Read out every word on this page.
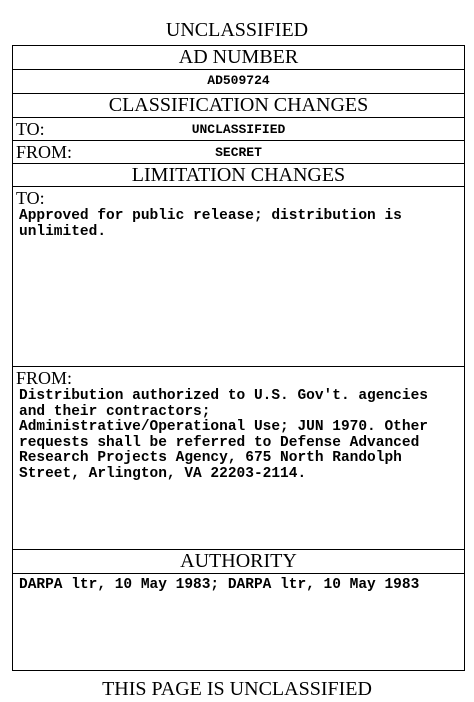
UNCLASSIFIED
AD NUMBER
AD509724
CLASSIFICATION CHANGES
TO:	UNCLASSIFIED
FROM:	SECRET
LIMITATION CHANGES
TO:
Approved for public release; distribution is
unlimited.
FROM:
Distribution authorized to U.S. Gov't. agencies
and their contractors;
Administrative/Operational Use; JUN 1970. Other
requests shall be referred to Defense Advanced
Research Projects Agency, 675 North Randolph
Street, Arlington, VA 22203-2114.
AUTHORITY
DARPA ltr, 10 May 1983; DARPA ltr, 10 May 1983
THIS PAGE IS UNCLASSIFIED
